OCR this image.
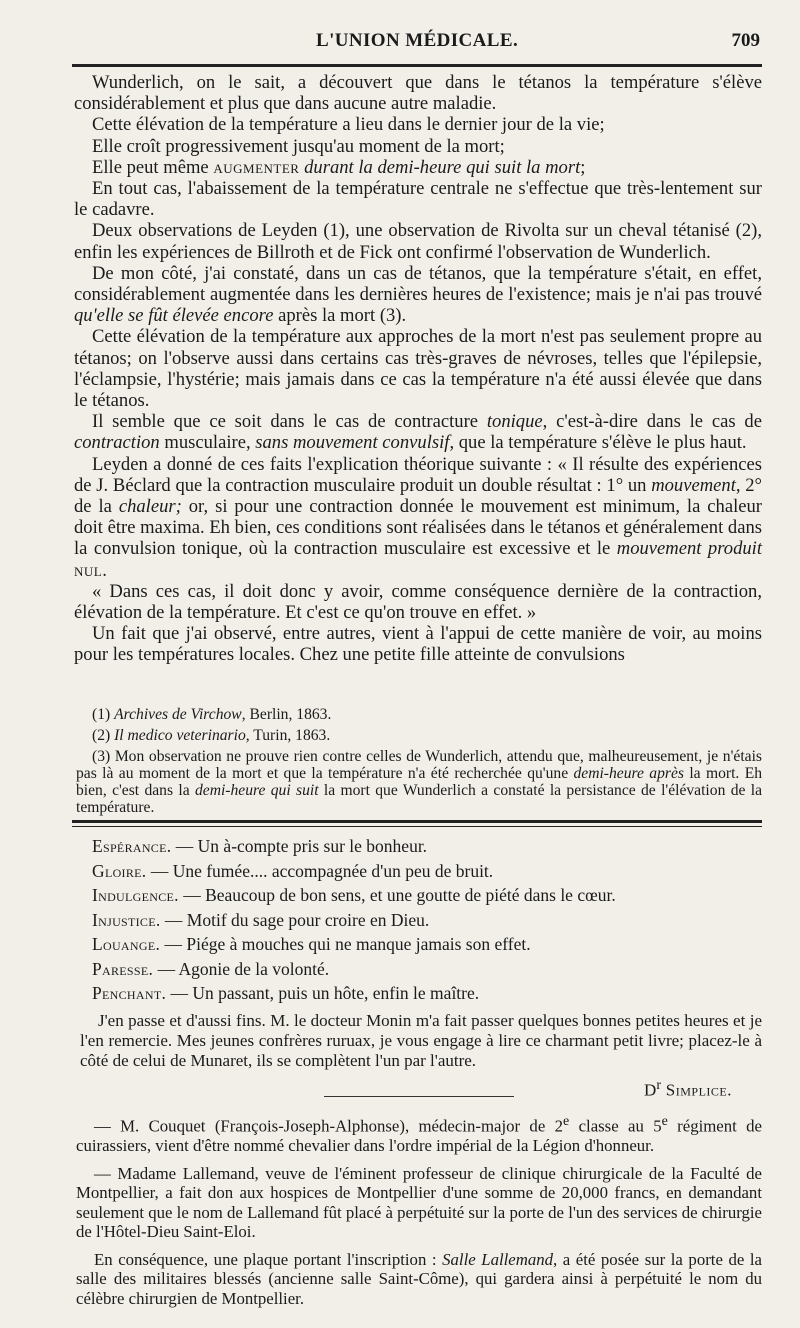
L'UNION MÉDICALE.	709

Wunderlich, on le sait, a découvert que dans le tétanos la température s'élève considérablement et plus que dans aucune autre maladie.

Cette élévation de la température a lieu dans le dernier jour de la vie;

Elle croît progressivement jusqu'au moment de la mort;

Elle peut même augmenter durant la demi-heure qui suit la mort;

En tout cas, l'abaissement de la température centrale ne s'effectue que très-lentement sur le cadavre.

Deux observations de Leyden (1), une observation de Rivolta sur un cheval tétanisé (2), enfin les expériences de Billroth et de Fick ont confirmé l'observation de Wunderlich.

De mon côté, j'ai constaté, dans un cas de tétanos, que la température s'était, en effet, considérablement augmentée dans les dernières heures de l'existence; mais je n'ai pas trouvé qu'elle se fût élevée encore après la mort (3).

Cette élévation de la température aux approches de la mort n'est pas seulement propre au tétanos; on l'observe aussi dans certains cas très-graves de névroses, telles que l'épilepsie, l'éclampsie, l'hystérie; mais jamais dans ce cas la température n'a été aussi élevée que dans le tétanos.

Il semble que ce soit dans le cas de contracture tonique, c'est-à-dire dans le cas de contraction musculaire, sans mouvement convulsif, que la température s'élève le plus haut.

Leyden a donné de ces faits l'explication théorique suivante : « Il résulte des expériences de J. Béclard que la contraction musculaire produit un double résultat : 1° un mouvement, 2° de la chaleur; or, si pour une contraction donnée le mouvement est minimum, la chaleur doit être maxima. Eh bien, ces conditions sont réalisées dans le tétanos et généralement dans la convulsion tonique, où la contraction musculaire est excessive et le mouvement produit nul.

« Dans ces cas, il doit donc y avoir, comme conséquence dernière de la contraction, élévation de la température. Et c'est ce qu'on trouve en effet. »

Un fait que j'ai observé, entre autres, vient à l'appui de cette manière de voir, au moins pour les températures locales. Chez une petite fille atteinte de convulsions

(1) Archives de Virchow, Berlin, 1863.

(2) Il medico veterinario, Turin, 1863.

(3) Mon observation ne prouve rien contre celles de Wunderlich, attendu que, malheureusement, je n'étais pas là au moment de la mort et que la température n'a été recherchée qu'une demi-heure après la mort. Eh bien, c'est dans la demi-heure qui suit la mort que Wunderlich a constaté la persistance de l'élévation de la température.

Espérance. — Un à-compte pris sur le bonheur.

Gloire. — Une fumée.... accompagnée d'un peu de bruit.

Indulgence. — Beaucoup de bon sens, et une goutte de piété dans le cœur.

Injustice. — Motif du sage pour croire en Dieu.

Louange. — Piége à mouches qui ne manque jamais son effet.

Paresse. — Agonie de la volonté.

Penchant. — Un passant, puis un hôte, enfin le maître.

J'en passe et d'aussi fins. M. le docteur Monin m'a fait passer quelques bonnes petites heures et je l'en remercie. Mes jeunes confrères ruruax, je vous engage à lire ce charmant petit livre; placez-le à côté de celui de Munaret, ils se complètent l'un par l'autre.

$D^r$ Simplice.

— M. Couquet (François-Joseph-Alphonse), médecin-major de 2e classe au 5e régiment de cuirassiers, vient d'être nommé chevalier dans l'ordre impérial de la Légion d'honneur.

— Madame Lallemand, veuve de l'éminent professeur de clinique chirurgicale de la Faculté de Montpellier, a fait don aux hospices de Montpellier d'une somme de 20,000 francs, en demandant seulement que le nom de Lallemand fût placé à perpétuité sur la porte de l'un des services de chirurgie de l'Hôtel-Dieu Saint-Eloi.

En conséquence, une plaque portant l'inscription : Salle Lallemand, a été posée sur la porte de la salle des militaires blessés (ancienne salle Saint-Côme), qui gardera ainsi à perpétuité le nom du célèbre chirurgien de Montpellier.
